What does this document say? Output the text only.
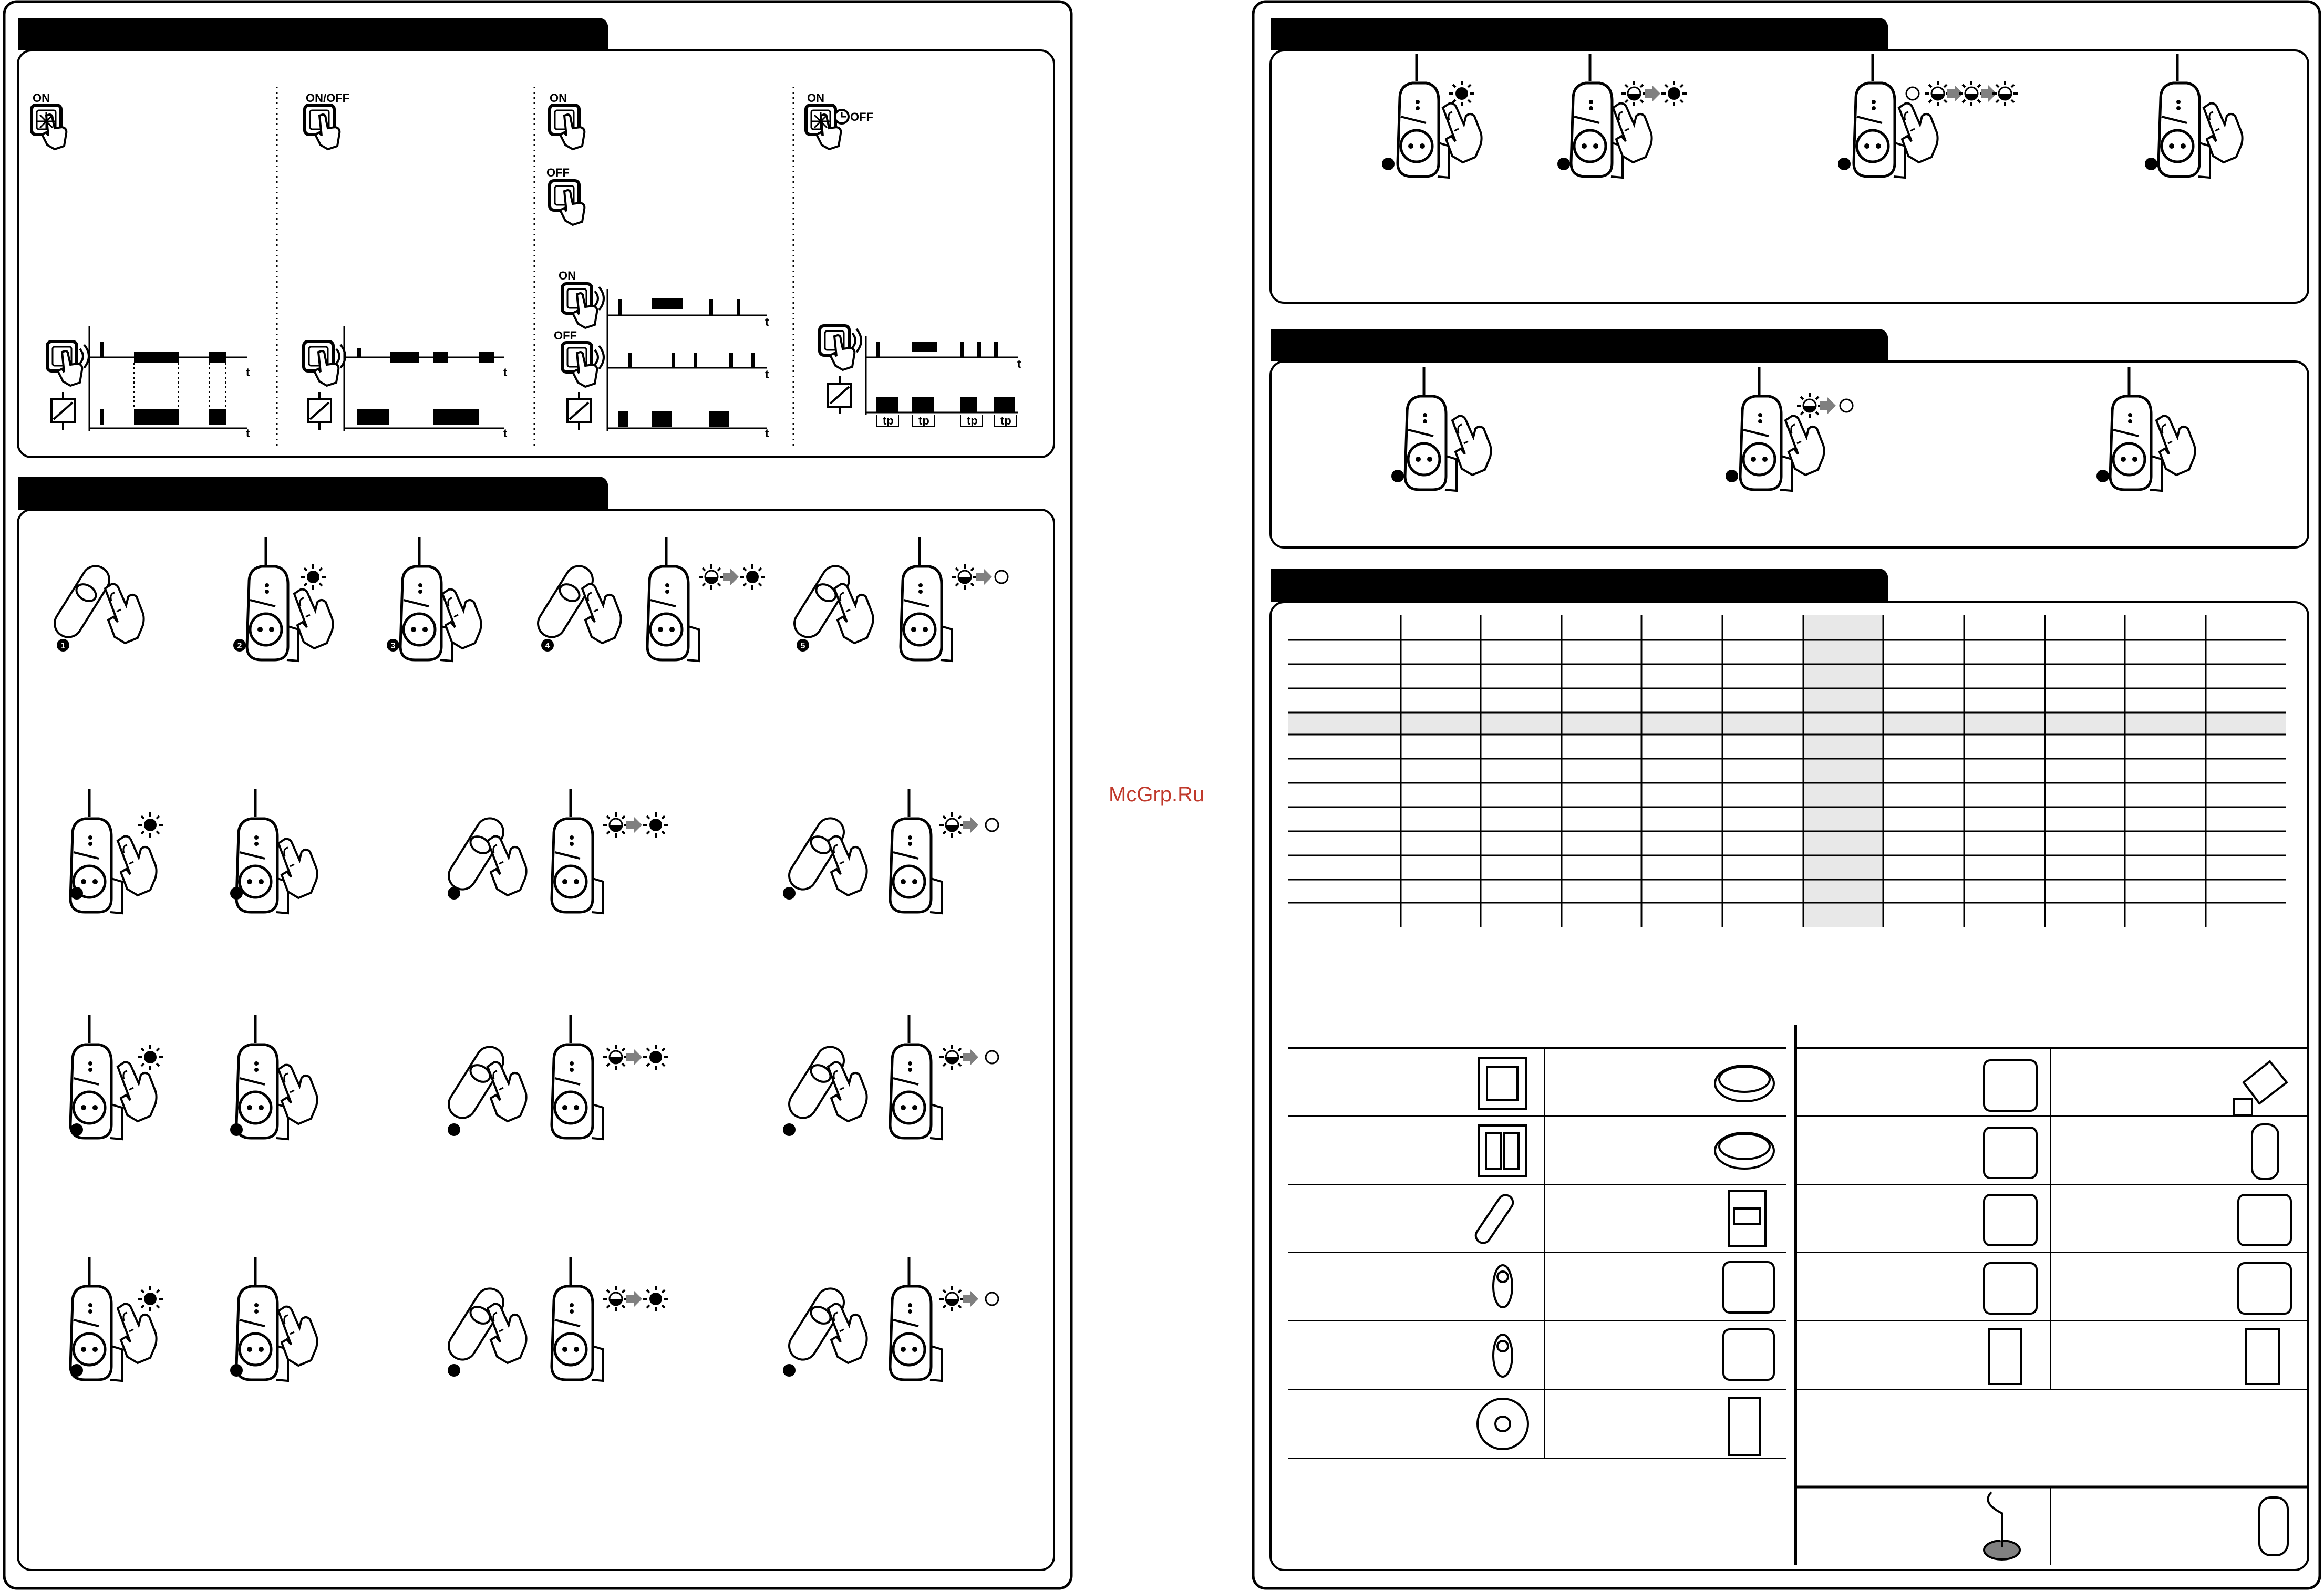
ON	ON/OFF	ON
OFF
ON
OFF
t
t
t
t
ON
OFF
t
t
t
tp tp	tp tp
t
1	2	3	4	5
McGrp.Ru
